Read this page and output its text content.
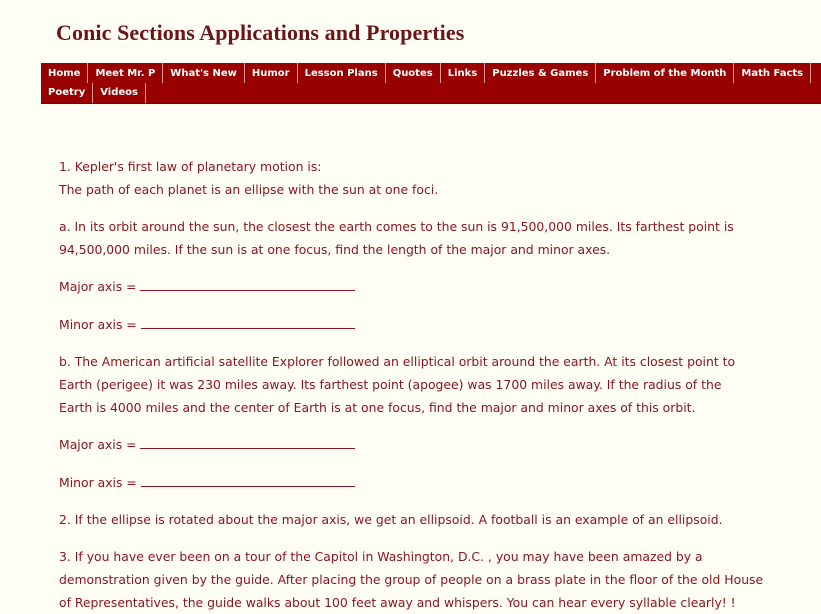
Conic Sections Applications and Properties
Home	Meet Mr. P	What's New	Humor	Lesson Plans	Quotes	Links	Puzzles & Games	Problem of the Month	Math Facts
Poetry	Videos

1. Kepler's first law of planetary motion is:

The path of each planet is an ellipse with the sun at one foci.

a. In its orbit around the sun, the closest the earth comes to the sun is 91,500,000 miles. Its farthest point is

94,500,000 miles. If the sun is at one focus, find the length of the major and minor axes.

Major axis =

Minor axis =

b. The American artificial satellite Explorer followed an elliptical orbit around the earth. At its closest point to

Earth (perigee) it was 230 miles away. Its farthest point (apogee) was 1700 miles away. If the radius of the

Earth is 4000 miles and the center of Earth is at one focus, find the major and minor axes of this orbit.

Major axis =

Minor axis =

2. If the ellipse is rotated about the major axis, we get an ellipsoid. A football is an example of an ellipsoid.

3. If you have ever been on a tour of the Capitol in Washington, D.C. , you may have been amazed by a

demonstration given by the guide. After placing the group of people on a brass plate in the floor of the old House

of Representatives, the guide walks about 100 feet away and whispers. You can hear every syllable clearly! !
